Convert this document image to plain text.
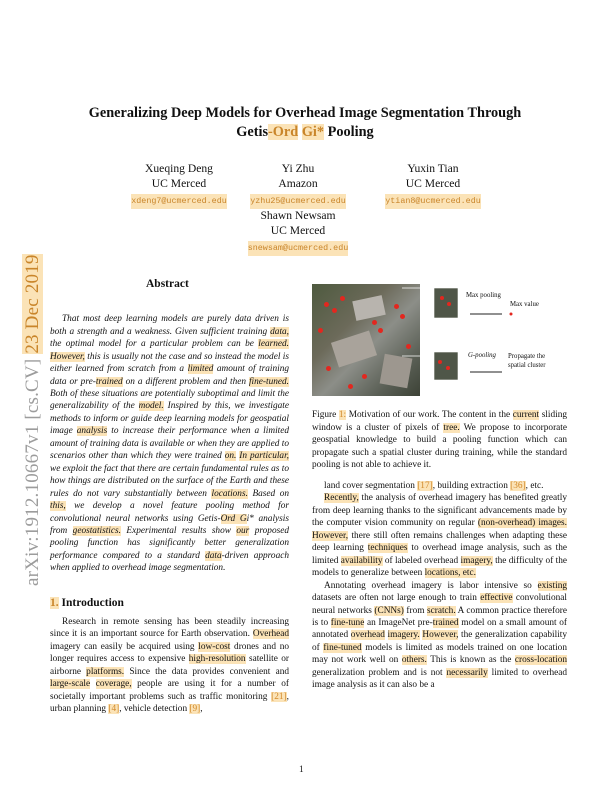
arXiv:1912.10667v1 [cs.CV] 23 Dec 2019
Generalizing Deep Models for Overhead Image Segmentation Through
Getis-Ord Gi* Pooling
Xueqing Deng
UC Merced
xdeng7@ucmerced.edu
Yi Zhu
Amazon
yzhu25@ucmerced.edu
Yuxin Tian
UC Merced
ytian8@ucmerced.edu
Shawn Newsam
UC Merced
snewsam@ucmerced.edu
Abstract

That most deep learning models are purely data driven is both a strength and a weakness. Given sufficient training data, the optimal model for a particular problem can be learned. However, this is usually not the case and so instead the model is either learned from scratch from a limited amount of training data or pre-trained on a different problem and then fine-tuned. Both of these situations are potentially suboptimal and limit the generalizability of the model. Inspired by this, we investigate methods to inform or guide deep learning models for geospatial image analysis to increase their performance when a limited amount of training data is available or when they are applied to scenarios other than which they were trained on. In particular, we exploit the fact that there are certain fundamental rules as to how things are distributed on the surface of the Earth and these rules do not vary substantially between locations. Based on this, we develop a novel feature pooling method for convolutional neural networks using Getis-Ord Gi* analysis from geostatistics. Experimental results show our proposed pooling function has significantly better generalization performance compared to a standard data-driven approach when applied to overhead image segmentation.

1. Introduction

Research in remote sensing has been steadily increasing since it is an important source for Earth observation. Overhead imagery can easily be acquired using low-cost drones and no longer requires access to expensive high-resolution satellite or airborne platforms. Since the data provides convenient and large-scale coverage, people are using it for a number of societally important problems such as traffic monitoring [21], urban planning [4], vehicle detection [9],

Max pooling
Max value
G-pooling Propagate the
spatial cluster

Figure 1: Motivation of our work. The content in the current sliding window is a cluster of pixels of tree. We propose to incorporate geospatial knowledge to build a pooling function which can propagate such a spatial cluster during training, while the standard pooling is not able to achieve it.

land cover segmentation [17], building extraction [36], etc.

Recently, the analysis of overhead imagery has benefited greatly from deep learning thanks to the significant advancements made by the computer vision community on regular (non-overhead) images. However, there still often remains challenges when adapting these deep learning techniques to overhead image analysis, such as the limited availability of labeled overhead imagery, the difficulty of the models to generalize between locations, etc.

Annotating overhead imagery is labor intensive so existing datasets are often not large enough to train effective convolutional neural networks (CNNs) from scratch. A common practice therefore is to fine-tune an ImageNet pre-trained model on a small amount of annotated overhead imagery. However, the generalization capability of fine-tuned models is limited as models trained on one location may not work well on others. This is known as the cross-location generalization problem and is not necessarily limited to overhead image analysis as it can also be a

1
